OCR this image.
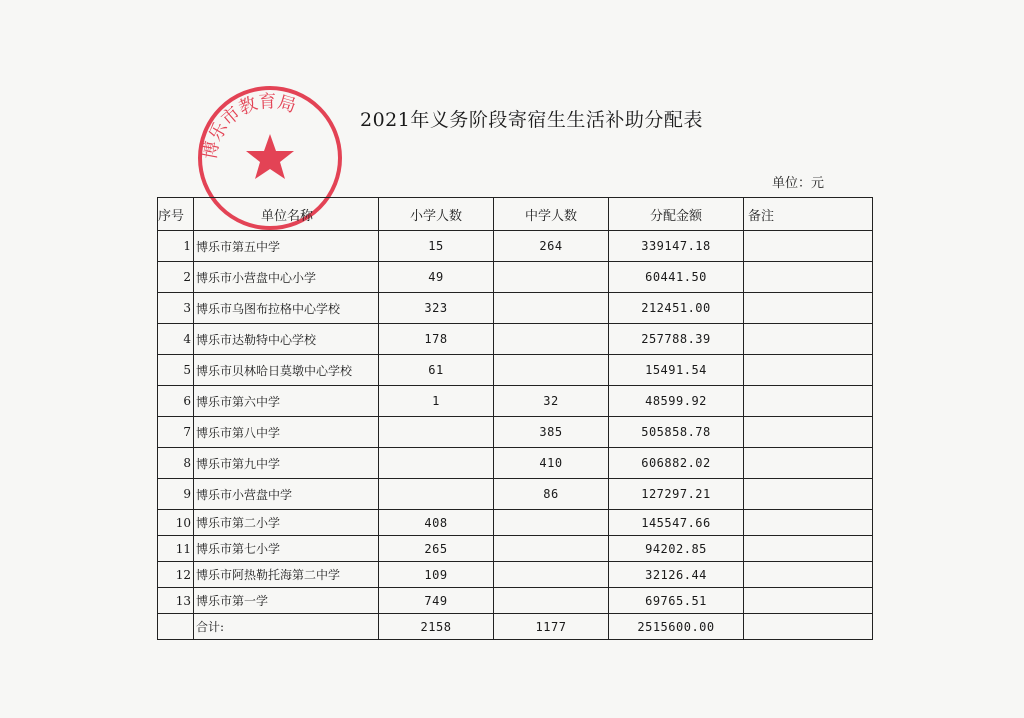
博乐市教育局
2021年义务阶段寄宿生生活补助分配表
单位：元
序号	单位名称	小学人数	中学人数	分配金额	备注
1	博乐市第五中学	15	264	339147.18	
2	博乐市小营盘中心小学	49		60441.50	
3	博乐市乌图布拉格中心学校	323		212451.00	
4	博乐市达勒特中心学校	178		257788.39	
5	博乐市贝林哈日莫墩中心学校	61		15491.54	
6	博乐市第六中学	1	32	48599.92	
7	博乐市第八中学		385	505858.78	
8	博乐市第九中学		410	606882.02	
9	博乐市小营盘中学		86	127297.21	
10	博乐市第二小学	408		145547.66	
11	博乐市第七小学	265		94202.85	
12	博乐市阿热勒托海第二中学	109		32126.44	
13	博乐市第一学	749		69765.51	
	合计:	2158	1177	2515600.00	
